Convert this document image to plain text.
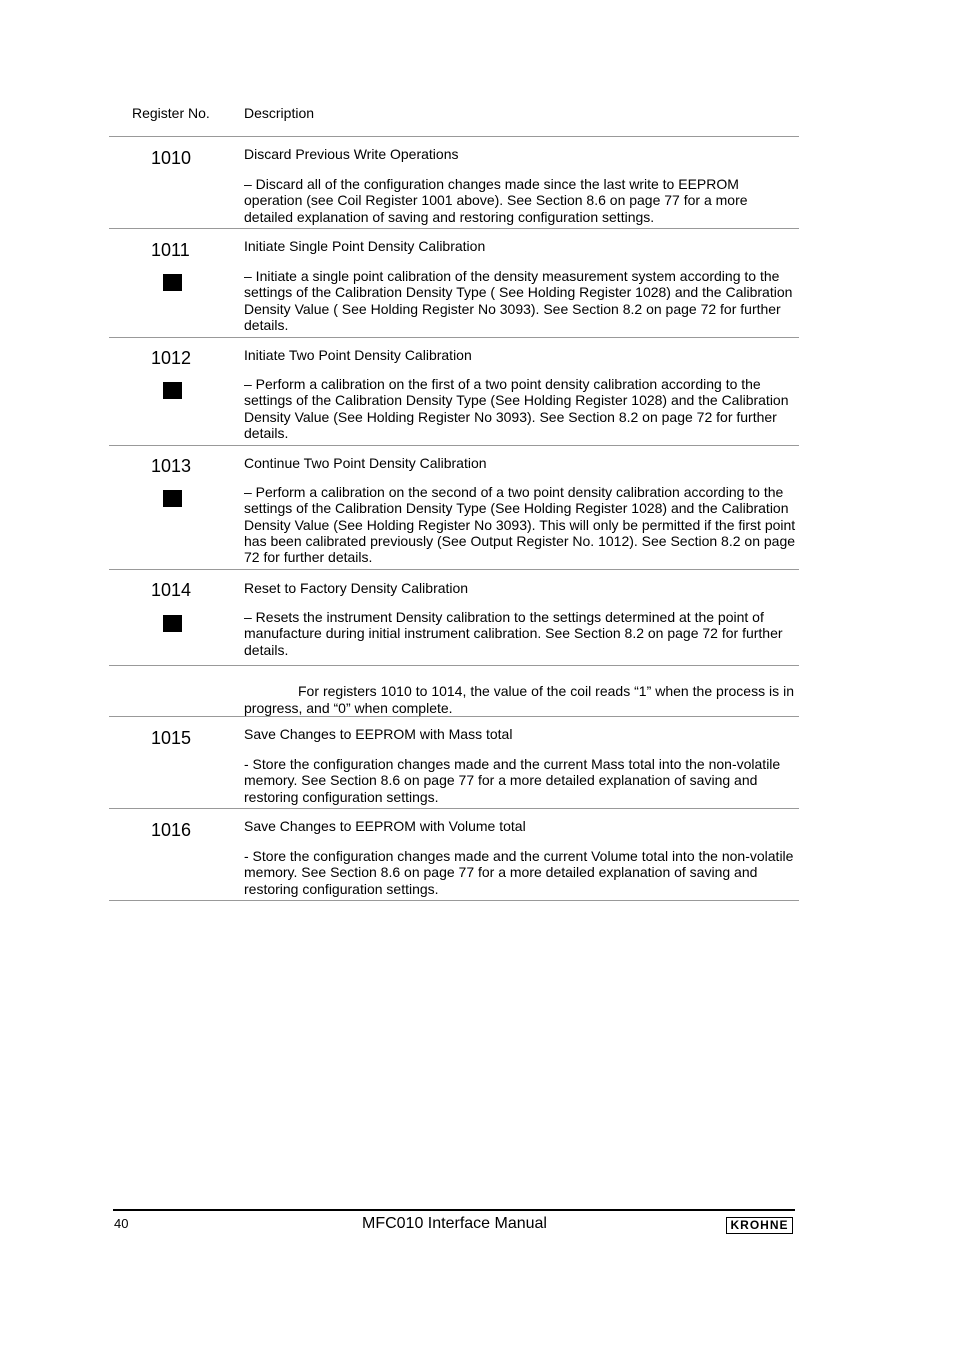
Register No. Description
1010	Discard Previous Write Operations
– Discard all of the configuration changes made since the last write to EEPROM operation (see Coil Register 1001 above). See Section 8.6 on page 77 for a more detailed explanation of saving and restoring configuration settings.
1011	Initiate Single Point Density Calibration
– Initiate a single point calibration of the density measurement system according to the settings of the Calibration Density Type ( See Holding Register 1028) and the Calibration Density Value ( See Holding Register No 3093). See Section 8.2 on page 72 for further details.
1012	Initiate Two Point Density Calibration
– Perform a calibration on the first of a two point density calibration according to the settings of the Calibration Density Type (See Holding Register 1028) and the Calibration Density Value (See Holding Register No 3093). See Section 8.2 on page 72 for further details.
1013	Continue Two Point Density Calibration
– Perform a calibration on the second of a two point density calibration according to the settings of the Calibration Density Type (See Holding Register 1028) and the Calibration Density Value (See Holding Register No 3093). This will only be permitted if the first point has been calibrated previously (See Output Register No. 1012). See Section 8.2 on page 72 for further details.
1014	Reset to Factory Density Calibration
– Resets the instrument Density calibration to the settings determined at the point of manufacture during initial instrument calibration. See Section 8.2 on page 72 for further details.
For registers 1010 to 1014, the value of the coil reads “1” when the process is in progress, and “0” when complete.
1015	Save Changes to EEPROM with Mass total
- Store the configuration changes made and the current Mass total into the non-volatile memory. See Section 8.6 on page 77 for a more detailed explanation of saving and restoring configuration settings.
1016	Save Changes to EEPROM with Volume total
- Store the configuration changes made and the current Volume total into the non-volatile memory. See Section 8.6 on page 77 for a more detailed explanation of saving and restoring configuration settings.
40	MFC010 Interface Manual	KROHNE
